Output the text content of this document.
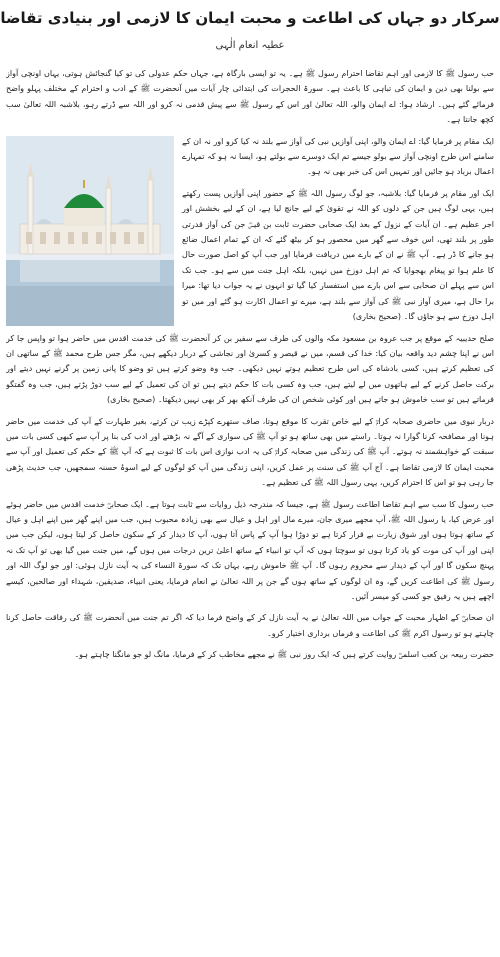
سرکار دو جہاں کی اطاعت و محبت ایمان کا لازمی اور بنیادی تقاضا
عطیہ انعام الٰہی

حب رسول ﷺ کا لازمی اور اہم تقاضا احترام رسول ﷺ ہے۔ یہ تو ایسی بارگاہ ہے، جہاں حکم عدولی کی تو کیا گنجائش ہوتی، یہاں اونچی آواز سے بولنا بھی دین و ایمان کی تباہی کا باعث ہے۔ سورۃ الحجرات کی ابتدائی چار آیات میں آنحضرت ﷺ کے ادب و احترام کے مختلف پہلو واضح فرمائے گئے ہیں۔ ارشاد ہوا: اے ایمان والو، اللہ تعالیٰ اور اس کے رسول ﷺ سے پیش قدمی نہ کرو اور اللہ سے ڈرتے رہو، بلاشبہ اللہ تعالیٰ سب کچھ جانتا ہے۔

ایک مقام پر فرمایا گیا: اے ایمان والو، اپنی آوازیں نبی کی آواز سے بلند نہ کیا کرو اور نہ ان کے سامنے اس طرح اونچی آواز سے بولو جیسے تم ایک دوسرے سے بولتے ہو، ایسا نہ ہو کہ تمہارے اعمال برباد ہو جائیں اور تمہیں اس کی خبر بھی نہ ہو۔

ایک اور مقام پر فرمایا گیا: بلاشبہ، جو لوگ رسول اللہ ﷺ کے حضور اپنی آوازیں پست رکھتے ہیں، یہی لوگ ہیں جن کے دلوں کو اللہ نے تقویٰ کے لیے جانچ لیا ہے، ان کے لیے بخشش اور اجر عظیم ہے۔ ان آیات کے نزول کے بعد ایک صحابی حضرت ثابت بن قیسؓ جن کی آواز قدرتی طور پر بلند تھی، اس خوف سے گھر میں محصور ہو کر بیٹھ گئے کہ ان کے تمام اعمال ضائع ہو جانے کا ڈر ہے۔ آپ ﷺ نے ان کے بارے میں دریافت فرمایا اور جب آپ کو اصل صورت حال کا علم ہوا تو پیغام بھجوایا کہ تم اہل دوزخ میں نہیں، بلکہ اہل جنت میں سے ہو۔ جب تک اس سے پہلے ان صحابی سے اس بارے میں استفسار کیا گیا تو انہوں نے یہ جواب دیا تھا: میرا برا حال ہے، میری آواز نبی ﷺ کی آواز سے بلند ہے، میرے تو اعمال اکارت ہو گئے اور میں تو اہل دوزخ سے ہو جاؤں گا۔ (صحیح بخاری)

صلح حدیبیہ کے موقع پر جب عروہ بن مسعود مکہ والوں کی طرف سے سفیر بن کر آنحضرت ﷺ کی خدمت اقدس میں حاضر ہوا تو واپس جا کر اس نے اپنا چشم دید واقعہ بیان کیا: خدا کی قسم، میں نے قیصر و کسریٰ اور نجاشی کے دربار دیکھے ہیں، مگر جس طرح محمد ﷺ کے ساتھی ان کی تعظیم کرتے ہیں، کسی بادشاہ کی اس طرح تعظیم ہوتے نہیں دیکھی۔ جب وہ وضو کرتے ہیں تو وضو کا پانی زمین پر گرنے نہیں دیتے اور برکت حاصل کرنے کے لیے ہاتھوں میں لے لیتے ہیں، جب وہ کسی بات کا حکم دیتے ہیں تو ان کی تعمیل کے لیے سب دوڑ پڑتے ہیں، جب وہ گفتگو فرماتے ہیں تو سب خاموش ہو جاتے ہیں اور کوئی شخص ان کی طرف آنکھ بھر کر بھی نہیں دیکھتا۔ (صحیح بخاری)

دربار نبوی میں حاضری صحابہ کرامؓ کے لیے خاص تقرب کا موقع ہوتا، صاف ستھرے کپڑے زیب تن کرتے، بغیر طہارت کے آپ کی خدمت میں حاضر ہونا اور مصافحہ کرنا گوارا نہ ہوتا۔ راستے میں بھی ساتھ ہو تو آپ ﷺ کی سواری کے آگے نہ بڑھتے اور ادب کی بنا پر آپ سے کبھی کسی بات میں سبقت کے خواہشمند نہ ہوتے۔ آپ ﷺ کی زندگی میں صحابہ کرامؓ کی یہ ادب نوازی اس بات کا ثبوت ہے کہ آپ ﷺ کے حکم کی تعمیل اور آپ سے محبت ایمان کا لازمی تقاضا ہے۔ آج آپ ﷺ کی سنت پر عمل کریں، اپنی زندگی میں آپ کو لوگوں کے لیے اسوۂ حسنہ سمجھیں، جب حدیث پڑھی جا رہی ہو تو اس کا احترام کریں، یہی رسول اللہ ﷺ کی تعظیم ہے۔

حب رسول کا سب سے اہم تقاضا اطاعت رسول ﷺ ہے، جیسا کہ مندرجہ ذیل روایات سے ثابت ہوتا ہے۔ ایک صحابیؓ خدمت اقدس میں حاضر ہوئے اور عرض کیا، یا رسول اللہ ﷺ، آپ مجھے میری جان، میرے مال اور اہل و عیال سے بھی زیادہ محبوب ہیں، جب میں اپنے گھر میں اپنے اہل و عیال کے ساتھ ہوتا ہوں اور شوق زیارت بے قرار کرتا ہے تو دوڑا ہوا آپ کے پاس آتا ہوں، آپ کا دیدار کر کے سکون حاصل کر لیتا ہوں، لیکن جب میں اپنی اور آپ کی موت کو یاد کرتا ہوں تو سوچتا ہوں کہ آپ تو انبیاء کے ساتھ اعلیٰ ترین درجات میں ہوں گے، میں جنت میں گیا بھی تو آپ تک نہ پہنچ سکوں گا اور آپ کے دیدار سے محروم رہوں گا۔ آپ ﷺ خاموش رہے، یہاں تک کہ سورۃ النساء کی یہ آیت نازل ہوئی: اور جو لوگ اللہ اور رسول ﷺ کی اطاعت کریں گے، وہ ان لوگوں کے ساتھ ہوں گے جن پر اللہ تعالیٰ نے انعام فرمایا، یعنی انبیاء، صدیقین، شہداء اور صالحین، کیسے اچھے ہیں یہ رفیق جو کسی کو میسر آئیں۔

ان صحابیؓ کے اظہار محبت کے جواب میں اللہ تعالیٰ نے یہ آیت نازل کر کے واضح فرما دیا کہ اگر تم جنت میں آنحضرت ﷺ کی رفاقت حاصل کرنا چاہتے ہو تو رسول اکرم ﷺ کی اطاعت و فرماں برداری اختیار کرو۔

حضرت ربیعہ بن کعب اسلمیؓ روایت کرتے ہیں کہ ایک روز نبی ﷺ نے مجھے مخاطب کر کے فرمایا، مانگ لو جو مانگنا چاہتے ہو۔
